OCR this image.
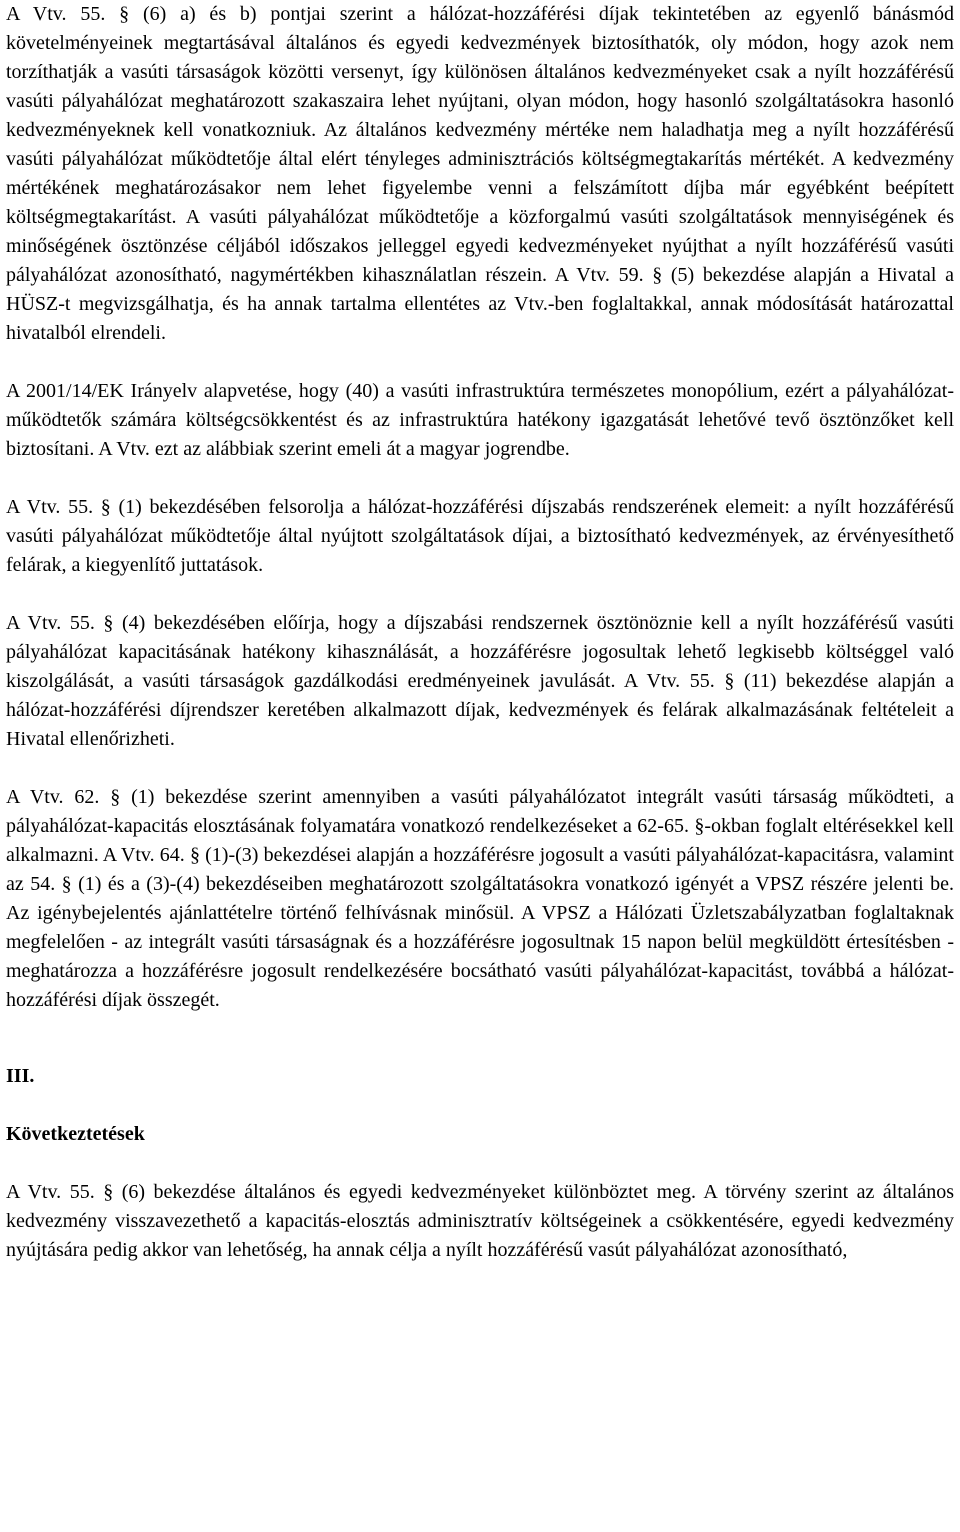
A Vtv. 55. § (6) a) és b) pontjai szerint a hálózat-hozzáférési díjak tekintetében az egyenlő bánásmód követelményeinek megtartásával általános és egyedi kedvezmények biztosíthatók, oly módon, hogy azok nem torzíthatják a vasúti társaságok közötti versenyt, így különösen általános kedvezményeket csak a nyílt hozzáférésű vasúti pályahálózat meghatározott szakaszaira lehet nyújtani, olyan módon, hogy hasonló szolgáltatásokra hasonló kedvezményeknek kell vonatkozniuk. Az általános kedvezmény mértéke nem haladhatja meg a nyílt hozzáférésű vasúti pályahálózat működtetője által elért tényleges adminisztrációs költségmegtakarítás mértékét. A kedvezmény mértékének meghatározásakor nem lehet figyelembe venni a felszámított díjba már egyébként beépített költségmegtakarítást. A vasúti pályahálózat működtetője a közforgalmú vasúti szolgáltatások mennyiségének és minőségének ösztönzése céljából időszakos jelleggel egyedi kedvezményeket nyújthat a nyílt hozzáférésű vasúti pályahálózat azonosítható, nagymértékben kihasználatlan részein. A Vtv. 59. § (5) bekezdése alapján a Hivatal a HÜSZ-t megvizsgálhatja, és ha annak tartalma ellentétes az Vtv.-ben foglaltakkal, annak módosítását határozattal hivatalból elrendeli.

A 2001/14/EK Irányelv alapvetése, hogy (40) a vasúti infrastruktúra természetes monopólium, ezért a pályahálózat-működtetők számára költségcsökkentést és az infrastruktúra hatékony igazgatását lehetővé tevő ösztönzőket kell biztosítani. A Vtv. ezt az alábbiak szerint emeli át a magyar jogrendbe.

A Vtv. 55. § (1) bekezdésében felsorolja a hálózat-hozzáférési díjszabás rendszerének elemeit: a nyílt hozzáférésű vasúti pályahálózat működtetője által nyújtott szolgáltatások díjai, a biztosítható kedvezmények, az érvényesíthető felárak, a kiegyenlítő juttatások.

A Vtv. 55. § (4) bekezdésében előírja, hogy a díjszabási rendszernek ösztönöznie kell a nyílt hozzáférésű vasúti pályahálózat kapacitásának hatékony kihasználását, a hozzáférésre jogosultak lehető legkisebb költséggel való kiszolgálását, a vasúti társaságok gazdálkodási eredményeinek javulását. A Vtv. 55. § (11) bekezdése alapján a hálózat-hozzáférési díjrendszer keretében alkalmazott díjak, kedvezmények és felárak alkalmazásának feltételeit a Hivatal ellenőrizheti.

A Vtv. 62. § (1) bekezdése szerint amennyiben a vasúti pályahálózatot integrált vasúti társaság működteti, a pályahálózat-kapacitás elosztásának folyamatára vonatkozó rendelkezéseket a 62-65. §-okban foglalt eltérésekkel kell alkalmazni. A Vtv. 64. § (1)-(3) bekezdései alapján a hozzáférésre jogosult a vasúti pályahálózat-kapacitásra, valamint az 54. § (1) és a (3)-(4) bekezdéseiben meghatározott szolgáltatásokra vonatkozó igényét a VPSZ részére jelenti be. Az igénybejelentés ajánlattételre történő felhívásnak minősül. A VPSZ a Hálózati Üzletszabályzatban foglaltaknak megfelelően - az integrált vasúti társaságnak és a hozzáférésre jogosultnak 15 napon belül megküldött értesítésben - meghatározza a hozzáférésre jogosult rendelkezésére bocsátható vasúti pályahálózat-kapacitást, továbbá a hálózat-hozzáférési díjak összegét.

III.

Következtetések

A Vtv. 55. § (6) bekezdése általános és egyedi kedvezményeket különböztet meg. A törvény szerint az általános kedvezmény visszavezethető a kapacitás-elosztás adminisztratív költségeinek a csökkentésére, egyedi kedvezmény nyújtására pedig akkor van lehetőség, ha annak célja a nyílt hozzáférésű vasút pályahálózat azonosítható,
